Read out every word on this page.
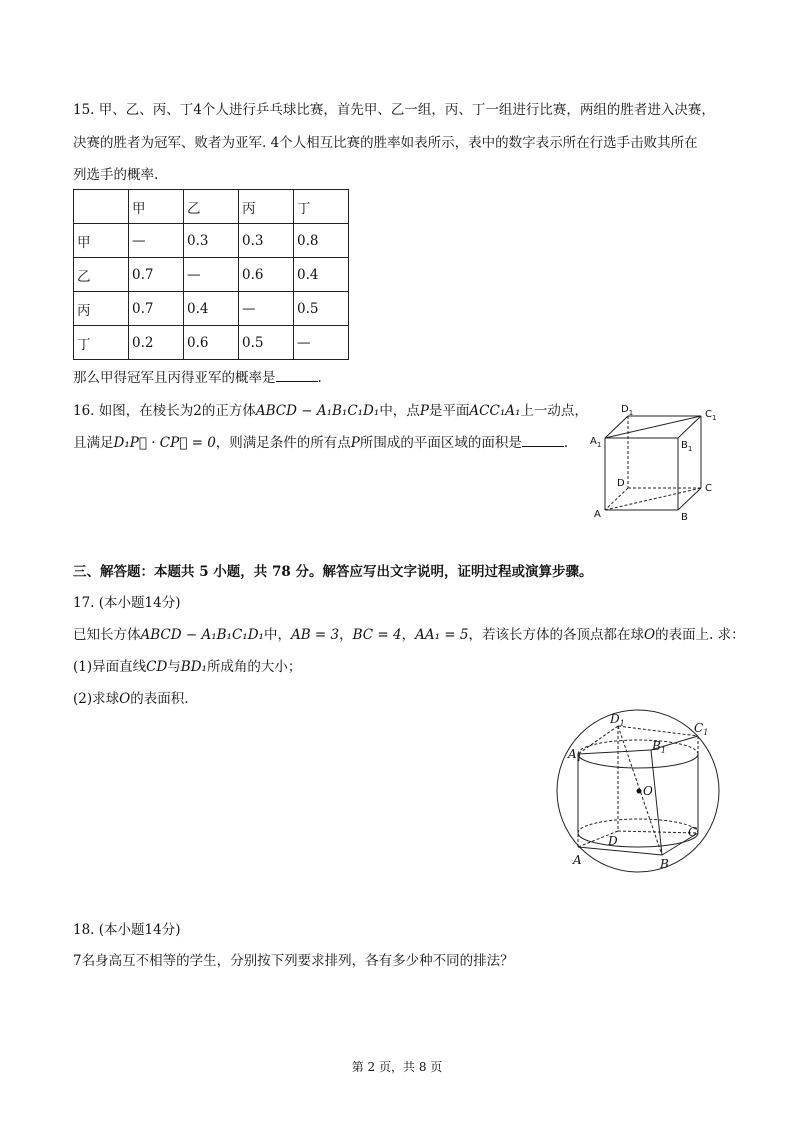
15. 甲、乙、丙、丁4个人进行乒乓球比赛，首先甲、乙一组，丙、丁一组进行比赛，两组的胜者进入决赛，
决赛的胜者为冠军、败者为亚军. 4个人相互比赛的胜率如表所示，表中的数字表示所在行选手击败其所在
列选手的概率.
	甲	乙	丙	丁
甲	—	0.3	0.3	0.8
乙	0.7	—	0.6	0.4
丙	0.7	0.4	—	0.5
丁	0.2	0.6	0.5	—
那么甲得冠军且丙得亚军的概率是	.
16. 如图，在棱长为2的正方体ABCD − A₁B₁C₁D₁中，点P是平面ACC₁A₁上一动点，
且满足D₁P⃗ · CP⃗ = 0，则满足条件的所有点P所围成的平面区域的面积是	.
$D_1$	$C_1$
$A_1$	$B_1$
D	C
A	B
三、解答题：本题共 5 小题，共 78 分。解答应写出文字说明，证明过程或演算步骤。
17. (本小题14分)
已知长方体ABCD − A₁B₁C₁D₁中，AB = 3，BC = 4，AA₁ = 5，若该长方体的各顶点都在球O的表面上. 求：
(1)异面直线CD与BD₁所成角的大小；
(2)求球O的表面积.
$D_1$	$C_1$
$A_1$
$B_1$
O
D
C
A	B
18. (本小题14分)
7名身高互不相等的学生，分别按下列要求排列，各有多少种不同的排法？
第 2 页，共 8 页
